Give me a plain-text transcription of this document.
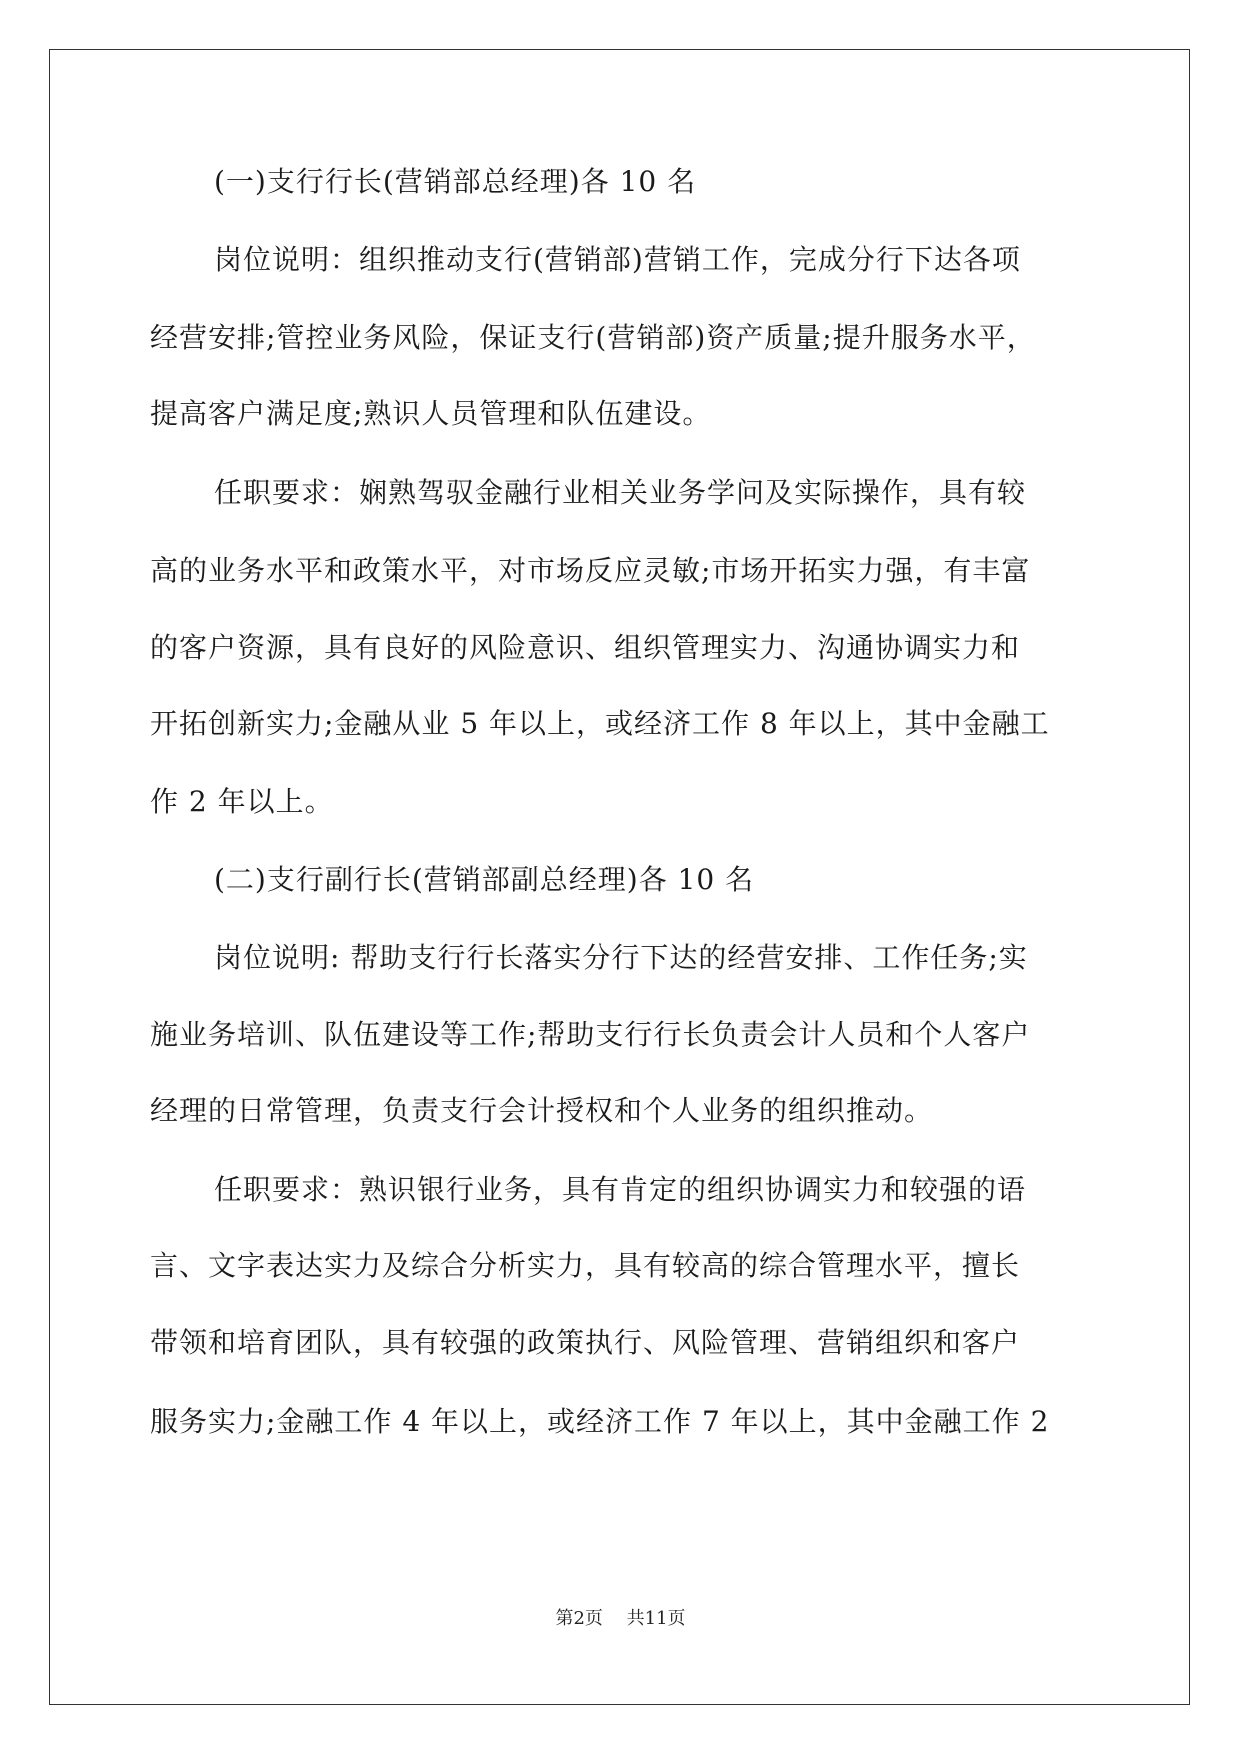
(一)支行行长(营销部总经理)各 10 名
岗位说明：组织推动支行(营销部)营销工作，完成分行下达各项
经营安排;管控业务风险，保证支行(营销部)资产质量;提升服务水平，
提高客户满足度;熟识人员管理和队伍建设。
任职要求：娴熟驾驭金融行业相关业务学问及实际操作，具有较
高的业务水平和政策水平，对市场反应灵敏;市场开拓实力强，有丰富
的客户资源，具有良好的风险意识、组织管理实力、沟通协调实力和
开拓创新实力;金融从业 5 年以上，或经济工作 8 年以上，其中金融工
作 2 年以上。
(二)支行副行长(营销部副总经理)各 10 名
岗位说明: 帮助支行行长落实分行下达的经营安排、工作任务;实
施业务培训、队伍建设等工作;帮助支行行长负责会计人员和个人客户
经理的日常管理，负责支行会计授权和个人业务的组织推动。
任职要求：熟识银行业务，具有肯定的组织协调实力和较强的语
言、文字表达实力及综合分析实力，具有较高的综合管理水平，擅长
带领和培育团队，具有较强的政策执行、风险管理、营销组织和客户
服务实力;金融工作 4 年以上，或经济工作 7 年以上，其中金融工作 2
第2页 共11页
